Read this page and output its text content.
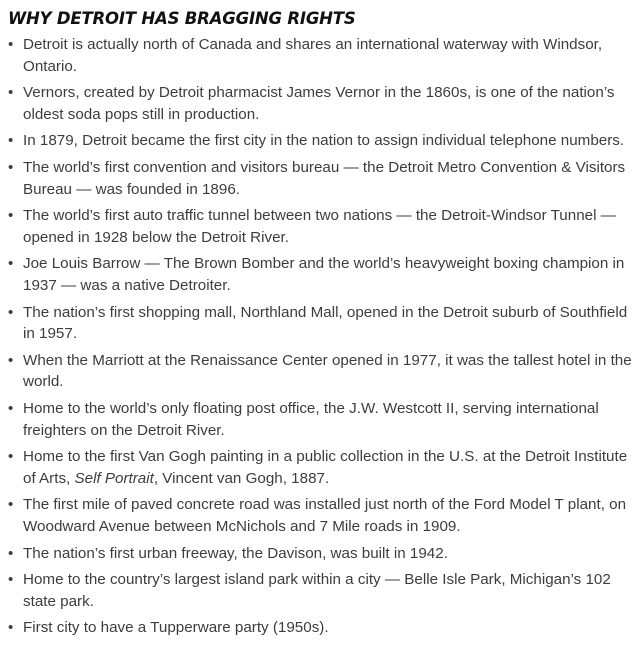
WHY DETROIT HAS BRAGGING RIGHTS
• Detroit is actually north of Canada and shares an international waterway with Windsor, Ontario.
• Vernors, created by Detroit pharmacist James Vernor in the 1860s, is one of the nation’s oldest soda pops still in production.
• In 1879, Detroit became the first city in the nation to assign individual telephone numbers.
• The world’s first convention and visitors bureau — the Detroit Metro Convention & Visitors Bureau — was founded in 1896.
• The world’s first auto traffic tunnel between two nations — the Detroit-Windsor Tunnel — opened in 1928 below the Detroit River.
• Joe Louis Barrow — The Brown Bomber and the world’s heavyweight boxing champion in 1937 — was a native Detroiter.
• The nation’s first shopping mall, Northland Mall, opened in the Detroit suburb of Southfield in 1957.
• When the Marriott at the Renaissance Center opened in 1977, it was the tallest hotel in the world.
• Home to the world’s only floating post office, the J.W. Westcott II, serving international freighters on the Detroit River.
• Home to the first Van Gogh painting in a public collection in the U.S. at the Detroit Institute of Arts, Self Portrait, Vincent van Gogh, 1887.
• The first mile of paved concrete road was installed just north of the Ford Model T plant, on Woodward Avenue between McNichols and 7 Mile roads in 1909.
• The nation’s first urban freeway, the Davison, was built in 1942.
• Home to the country’s largest island park within a city — Belle Isle Park, Michigan’s 102 state park.
• First city to have a Tupperware party (1950s).
